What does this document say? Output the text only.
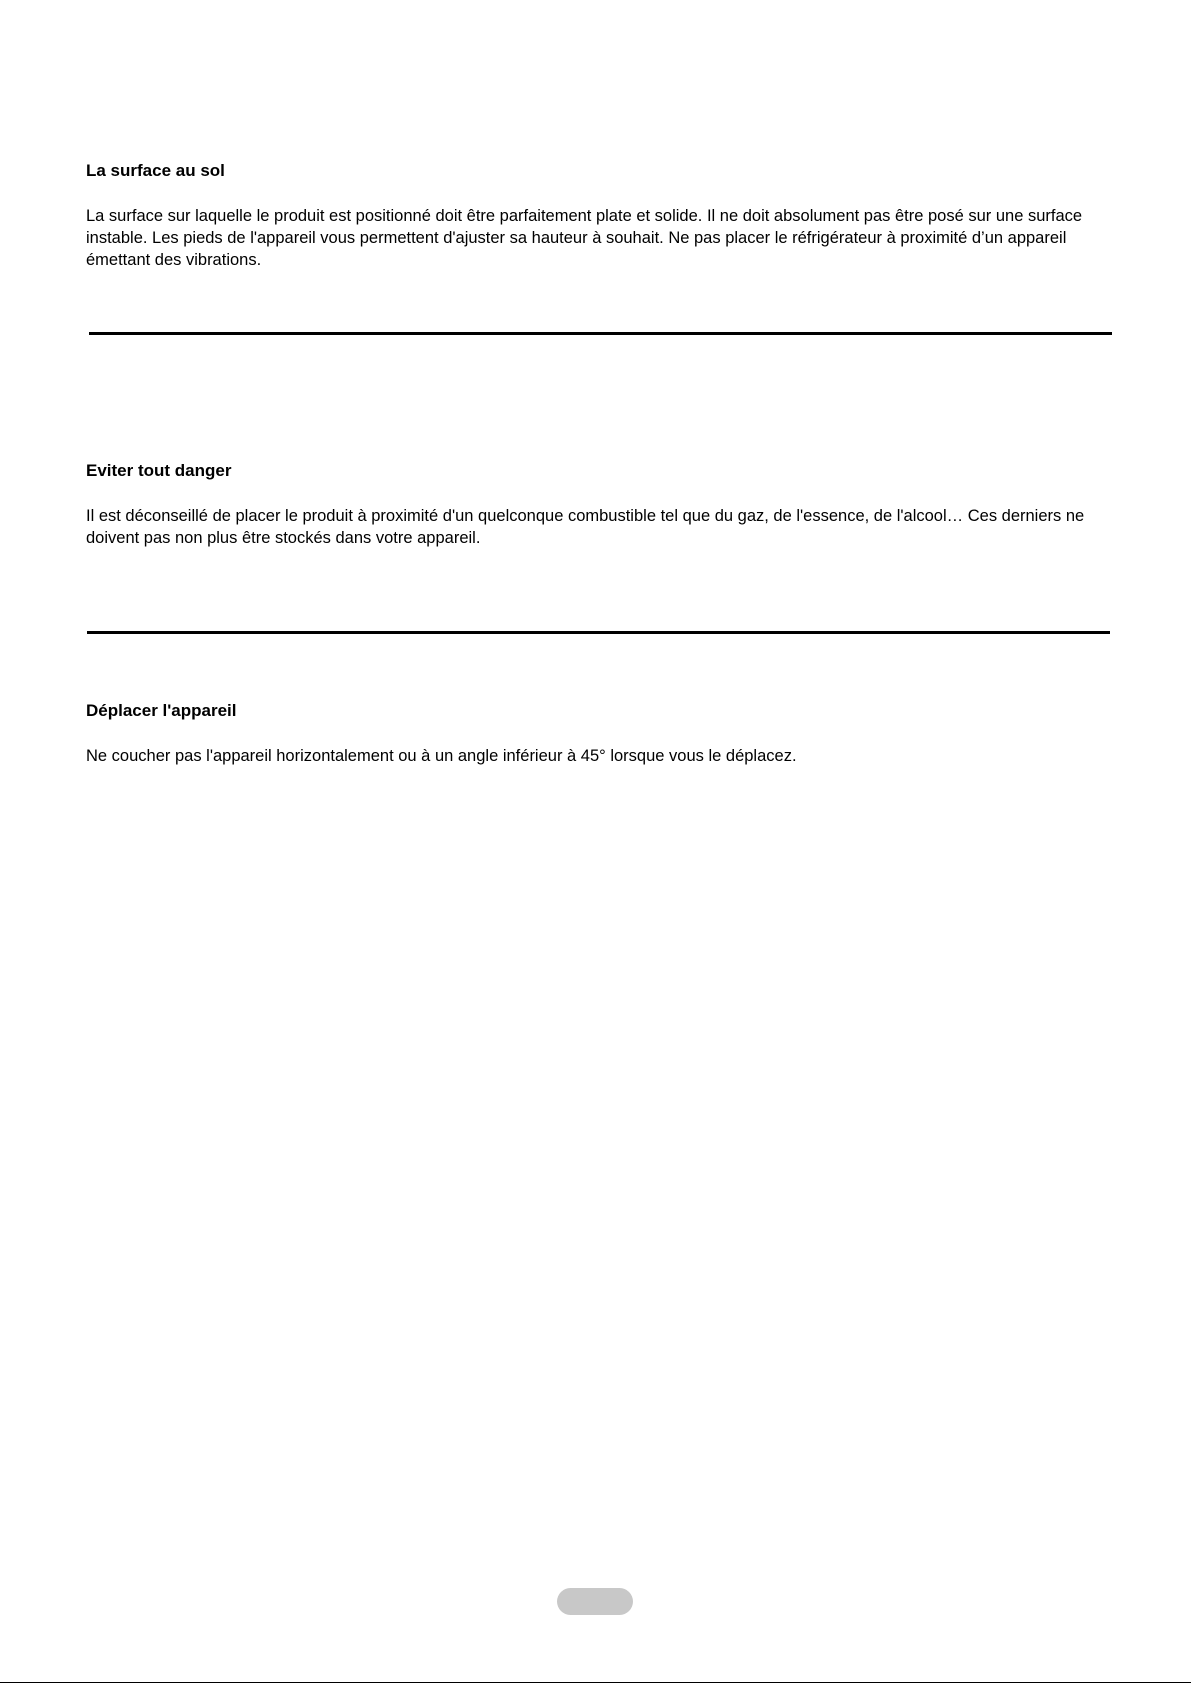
La surface au sol

La surface sur laquelle le produit est positionné doit être parfaitement plate et solide. Il ne doit absolument pas être posé sur une surface instable. Les pieds de l'appareil vous permettent d'ajuster sa hauteur à souhait. Ne pas placer le réfrigérateur à proximité d’un appareil émettant des vibrations.

Eviter tout danger

Il est déconseillé de placer le produit à proximité d'un quelconque combustible tel que du gaz, de l'essence, de l'alcool… Ces derniers ne doivent pas non plus être stockés dans votre appareil.

Déplacer l'appareil

Ne coucher pas l'appareil horizontalement ou à un angle inférieur à 45° lorsque vous le déplacez.
